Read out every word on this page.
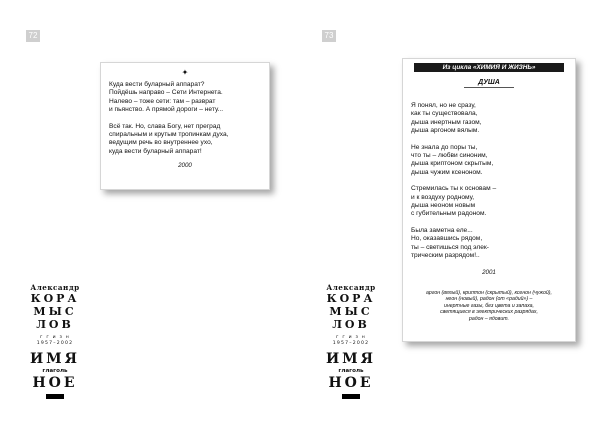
72
✦

Куда вести буларный аппарат?

Пойдёшь направо – Сети Интернета.

Налево – тоже сети: там – разврат

и пьянство. А прямой дороги – нету...

Всё так. Но, слава Богу, нет преград

спиральным и крутым тропинкам духа,

ведущим речь во внутреннее ухо,

куда вести буларный аппарат!

2000
Александр
КОРА
МЫС
ЛОВ
г г и з н
1957–2002
ИМЯ
глаголь
НОЕ
73
Из цикла «ХИМИЯ И ЖИЗНЬ»
ДУША

Я понял, но не сразу,

как ты существовала,

дыша инертным газом,

дыша аргоном вялым.

Не знала до поры ты,

что ты – любви синоним,

дыша криптоном скрытым,

дыша чужим ксеноном.

Стремилась ты к основам –

и к воздуху родному,

дыша неоном новым

с губительным радоном.

Была заметна еле...

Но, оказавшись рядом,

ты – светишься под элек-

трическим разрядом!..

2001

аргон (вялый), криптон (скрытый), ксенон (чужой),

неон (новый), радон (от «радий») –

инертные газы, без цвета и запаха,

светящиеся в электрических разрядах,

радон – ядовит.

Александр
КОРА
МЫС
ЛОВ
г г и з н
1957–2002
ИМЯ
глаголь
НОЕ
